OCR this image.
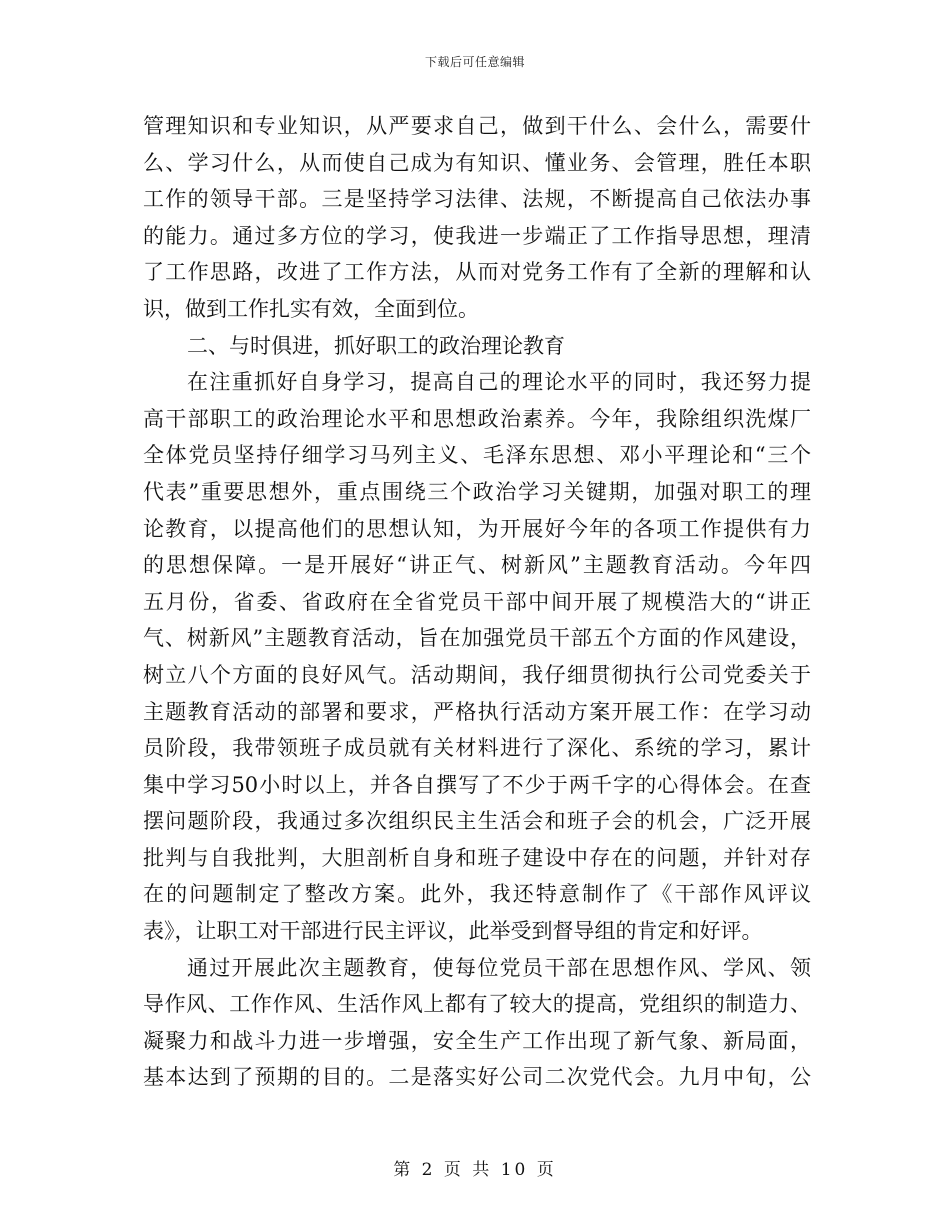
下载后可任意编辑
管理知识和专业知识，从严要求自己，做到干什么、会什么，需要什
么、学习什么，从而使自己成为有知识、懂业务、会管理，胜任本职
工作的领导干部。三是坚持学习法律、法规，不断提高自己依法办事
的能力。通过多方位的学习，使我进一步端正了工作指导思想，理清
了工作思路，改进了工作方法，从而对党务工作有了全新的理解和认
识，做到工作扎实有效，全面到位。
二、与时俱进，抓好职工的政治理论教育
在注重抓好自身学习，提高自己的理论水平的同时，我还努力提
高干部职工的政治理论水平和思想政治素养。今年，我除组织洗煤厂
全体党员坚持仔细学习马列主义、毛泽东思想、邓小平理论和“三个
代表”重要思想外，重点围绕三个政治学习关键期，加强对职工的理
论教育，以提高他们的思想认知，为开展好今年的各项工作提供有力
的思想保障。一是开展好“讲正气、树新风”主题教育活动。今年四
五月份，省委、省政府在全省党员干部中间开展了规模浩大的“讲正
气、树新风”主题教育活动，旨在加强党员干部五个方面的作风建设，
树立八个方面的良好风气。活动期间，我仔细贯彻执行公司党委关于
主题教育活动的部署和要求，严格执行活动方案开展工作：在学习动
员阶段，我带领班子成员就有关材料进行了深化、系统的学习，累计
集中学习50小时以上，并各自撰写了不少于两千字的心得体会。在查
摆问题阶段，我通过多次组织民主生活会和班子会的机会，广泛开展
批判与自我批判，大胆剖析自身和班子建设中存在的问题，并针对存
在的问题制定了整改方案。此外，我还特意制作了《干部作风评议
表》，让职工对干部进行民主评议，此举受到督导组的肯定和好评。
通过开展此次主题教育，使每位党员干部在思想作风、学风、领
导作风、工作作风、生活作风上都有了较大的提高，党组织的制造力、
凝聚力和战斗力进一步增强，安全生产工作出现了新气象、新局面，
基本达到了预期的目的。二是落实好公司二次党代会。九月中旬，公
第 2 页 共 10 页
